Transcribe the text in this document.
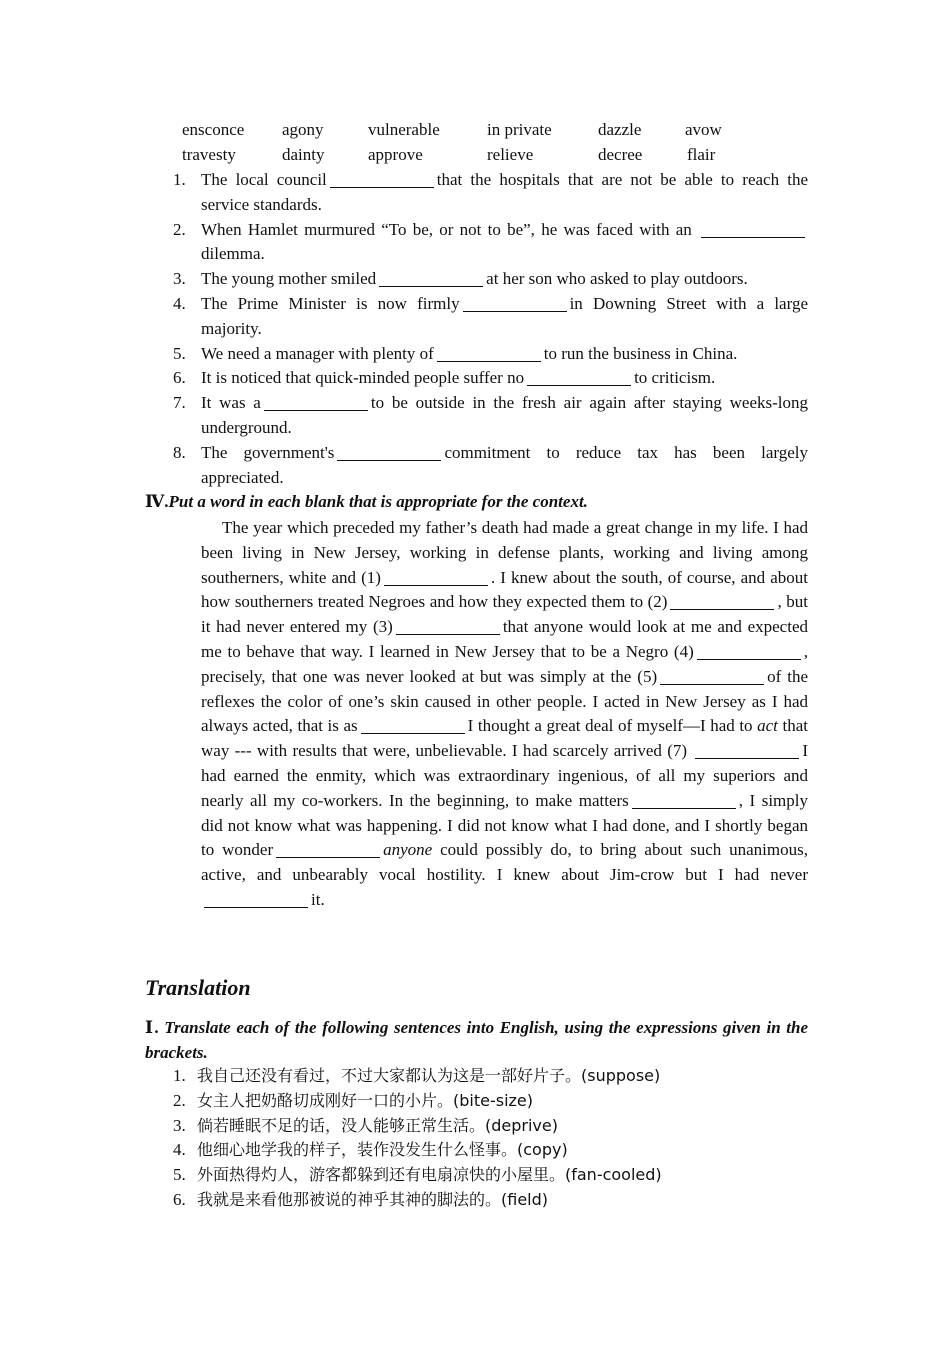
ensconce agony	vulnerable	in private	dazzle	avow
travesty	dainty	approve	relieve	decree	flair
1. The local council	that the hospitals that are not be able to reach the service standards.
2. When Hamlet murmured “To be, or not to be”, he was faced with an dilemma.
3. The young mother smiled	at her son who asked to play outdoors.
4. The Prime Minister is now firmly	in Downing Street with a large majority.
5. We need a manager with plenty of	to run the business in China.
6. It is noticed that quick-minded people suffer no	to criticism.
7. It was a	to be outside in the fresh air again after staying weeks-long underground.
8. The government's	commitment to reduce tax has been largely appreciated.
Ⅳ.Put a word in each blank that is appropriate for the context.

The year which preceded my father’s death had made a great change in my life. I had been living in New Jersey, working in defense plants, working and living among southerners, white and (1)	. I knew about the south, of course, and about how southerners treated Negroes and how they expected them to (2)	, but it had never entered my (3)	that anyone would look at me and expected me to behave that way. I learned in New Jersey that to be a Negro (4)	, precisely, that one was never looked at but was simply at the (5)	of the reflexes the color of one’s skin caused in other people. I acted in New Jersey as I had always acted, that is as	I thought a great deal of myself—I had to act that way --- with results that were, unbelievable. I had scarcely arrived (7)	I had earned the enmity, which was extraordinary ingenious, of all my superiors and nearly all my co-workers. In the beginning, to make matters	, I simply did not know what was happening. I did not know what I had done, and I shortly began to wonder	anyone could possibly do, to bring about such unanimous, active, and unbearably vocal hostility. I knew about Jim-crow but I had neverit.

Translation
Ⅰ. Translate each of the following sentences into English, using the expressions given in the brackets.
1. 我自己还没有看过，不过大家都认为这是一部好片子。(suppose)
2. 女主人把奶酪切成刚好一口的小片。(bite-size)
3. 倘若睡眠不足的话，没人能够正常生活。(deprive)
4. 他细心地学我的样子，装作没发生什么怪事。(copy)
5. 外面热得灼人，游客都躲到还有电扇凉快的小屋里。(fan-cooled)
6. 我就是来看他那被说的神乎其神的脚法的。(field)
